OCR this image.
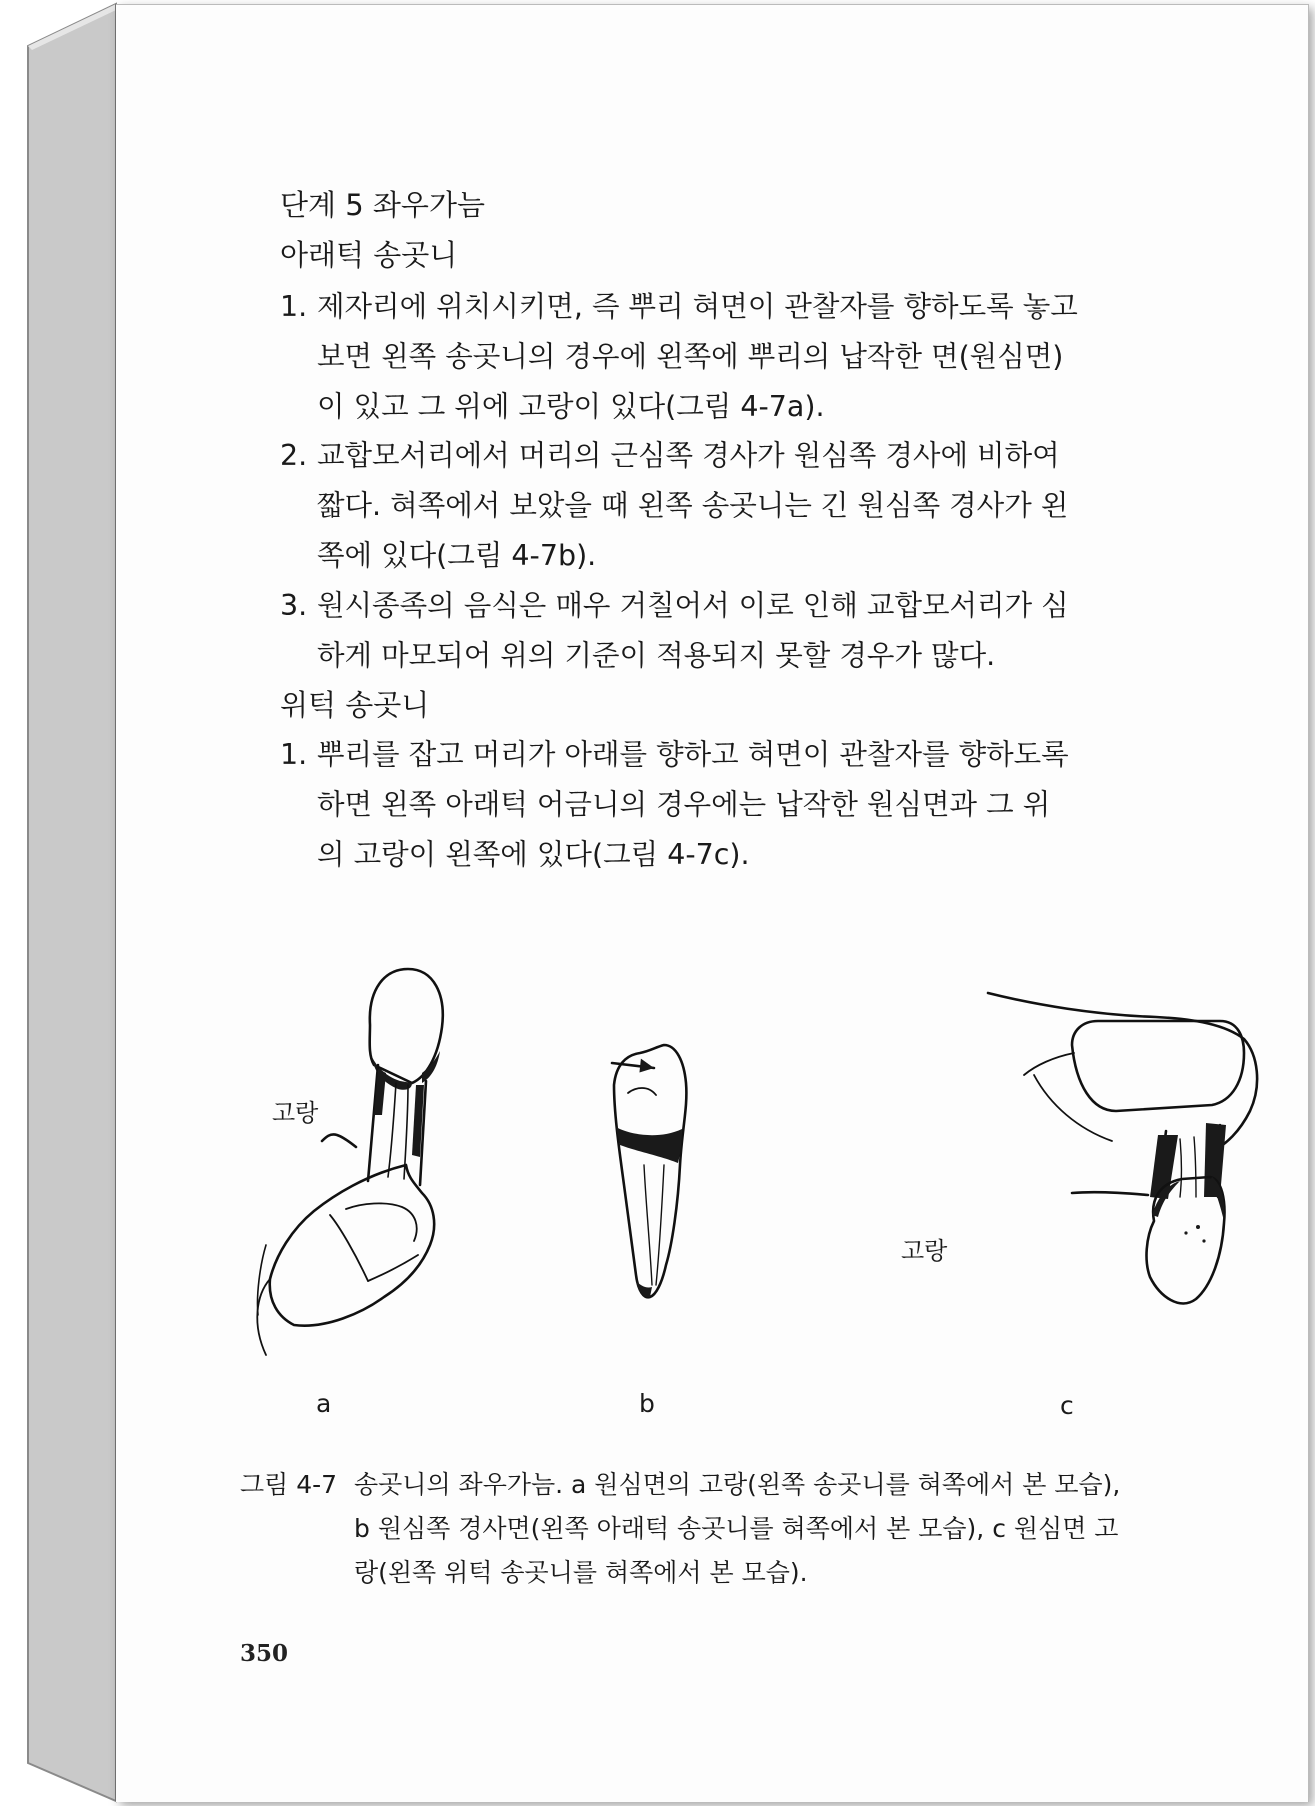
단계 5 좌우가늠
아래턱 송곳니
1. 제자리에 위치시키면, 즉 뿌리 혀면이 관찰자를 향하도록 놓고
보면 왼쪽 송곳니의 경우에 왼쪽에 뿌리의 납작한 면(원심면)
이 있고 그 위에 고랑이 있다(그림 4-7a).
2. 교합모서리에서 머리의 근심쪽 경사가 원심쪽 경사에 비하여
짧다. 혀쪽에서 보았을 때 왼쪽 송곳니는 긴 원심쪽 경사가 왼
쪽에 있다(그림 4-7b).
3. 원시종족의 음식은 매우 거칠어서 이로 인해 교합모서리가 심
하게 마모되어 위의 기준이 적용되지 못할 경우가 많다.
위턱 송곳니
1. 뿌리를 잡고 머리가 아래를 향하고 혀면이 관찰자를 향하도록
하면 왼쪽 아래턱 어금니의 경우에는 납작한 원심면과 그 위
의 고랑이 왼쪽에 있다(그림 4-7c).
고랑
고랑
a	b	c
그림 4-7 송곳니의 좌우가늠. a 원심면의 고랑(왼쪽 송곳니를 혀쪽에서 본 모습),
b 원심쪽 경사면(왼쪽 아래턱 송곳니를 혀쪽에서 본 모습), c 원심면 고
랑(왼쪽 위턱 송곳니를 혀쪽에서 본 모습).
350
